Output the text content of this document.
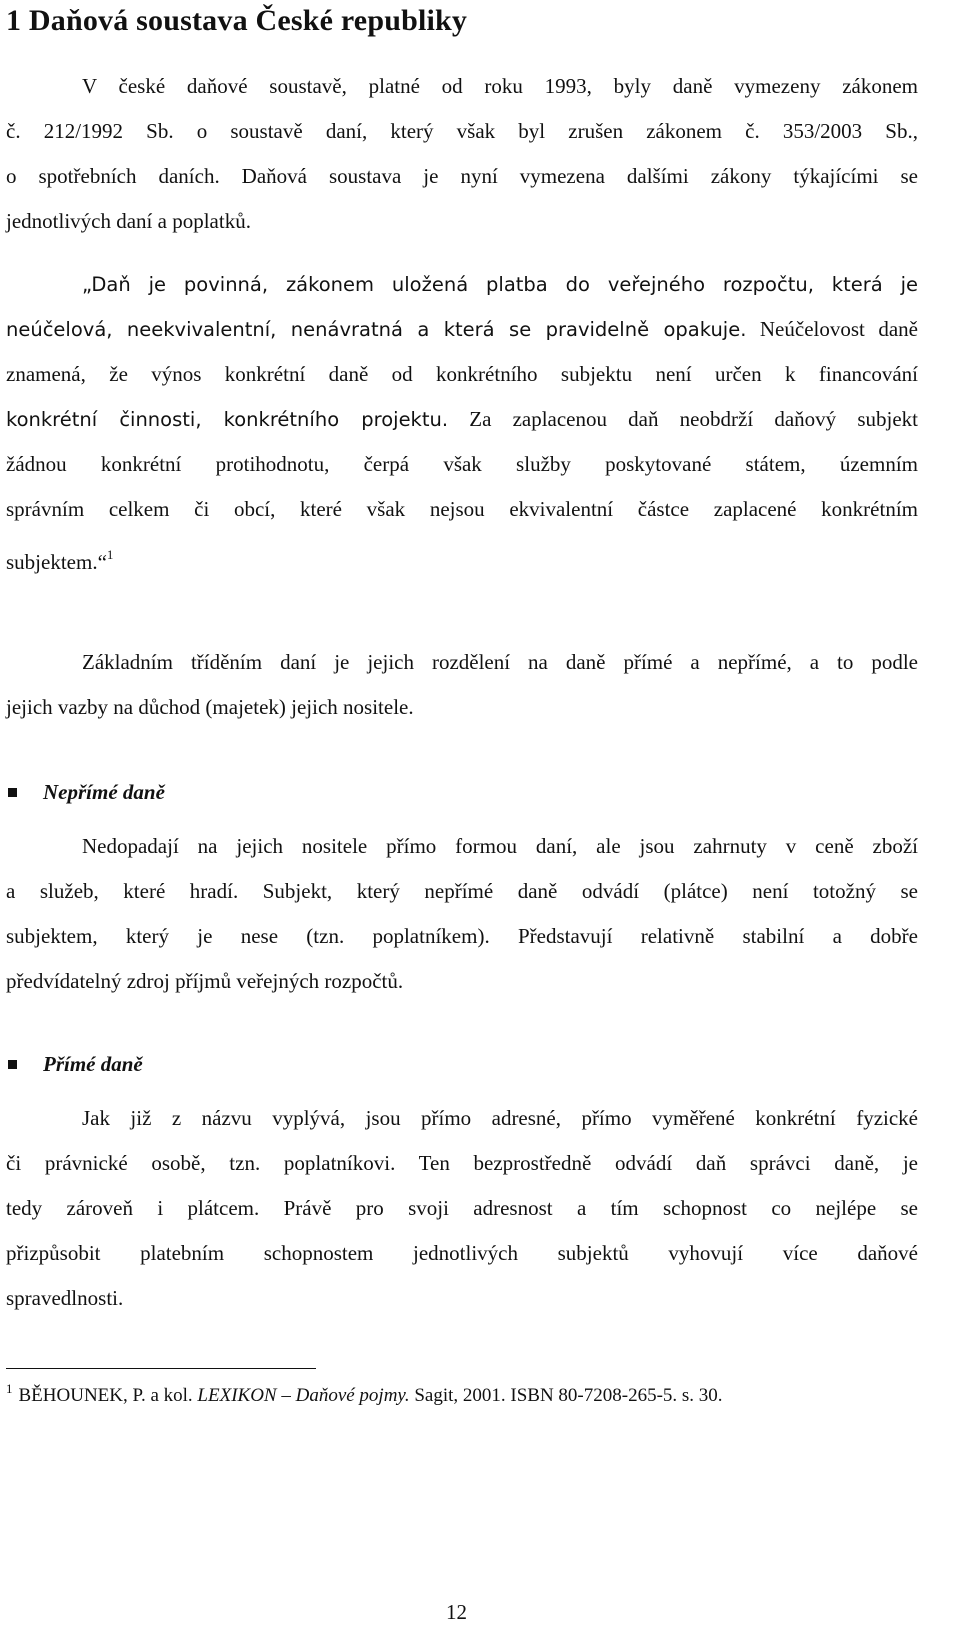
1 Daňová soustava České republiky
V české daňové soustavě, platné od roku 1993, byly daně vymezeny zákonem
č. 212/1992 Sb. o soustavě daní, který však byl zrušen zákonem č. 353/2003 Sb.,
o spotřebních daních. Daňová soustava je nyní vymezena dalšími zákony týkajícími se
jednotlivých daní a poplatků.
„Daň je povinná, zákonem uložená platba do veřejného rozpočtu, která je
neúčelová, neekvivalentní, nenávratná a která se pravidelně opakuje. Neúčelovost daně
znamená, že výnos konkrétní daně od konkrétního subjektu není určen k financování
konkrétní činnosti, konkrétního projektu. Za zaplacenou daň neobdrží daňový subjekt
žádnou konkrétní protihodnotu, čerpá však služby poskytované státem, územním
správním celkem či obcí, které však nejsou ekvivalentní částce zaplacené konkrétním
subjektem.“$^1$
Základním tříděním daní je jejich rozdělení na daně přímé a nepřímé, a to podle
jejich vazby na důchod (majetek) jejich nositele.
Nepřímé daně
Nedopadají na jejich nositele přímo formou daní, ale jsou zahrnuty v ceně zboží
a služeb, které hradí. Subjekt, který nepřímé daně odvádí (plátce) není totožný se
subjektem, který je nese (tzn. poplatníkem). Představují relativně stabilní a dobře
předvídatelný zdroj příjmů veřejných rozpočtů.
Přímé daně
Jak již z názvu vyplývá, jsou přímo adresné, přímo vyměřené konkrétní fyzické
či právnické osobě, tzn. poplatníkovi. Ten bezprostředně odvádí daň správci daně, je
tedy zároveň i plátcem. Právě pro svoji adresnost a tím schopnost co nejlépe se
přizpůsobit platebním schopnostem jednotlivých subjektů vyhovují více daňové
spravedlnosti.

$^1$ BĚHOUNEK, P. a kol. LEXIKON – Daňové pojmy. Sagit, 2001. ISBN 80-7208-265-5. s. 30.

12
